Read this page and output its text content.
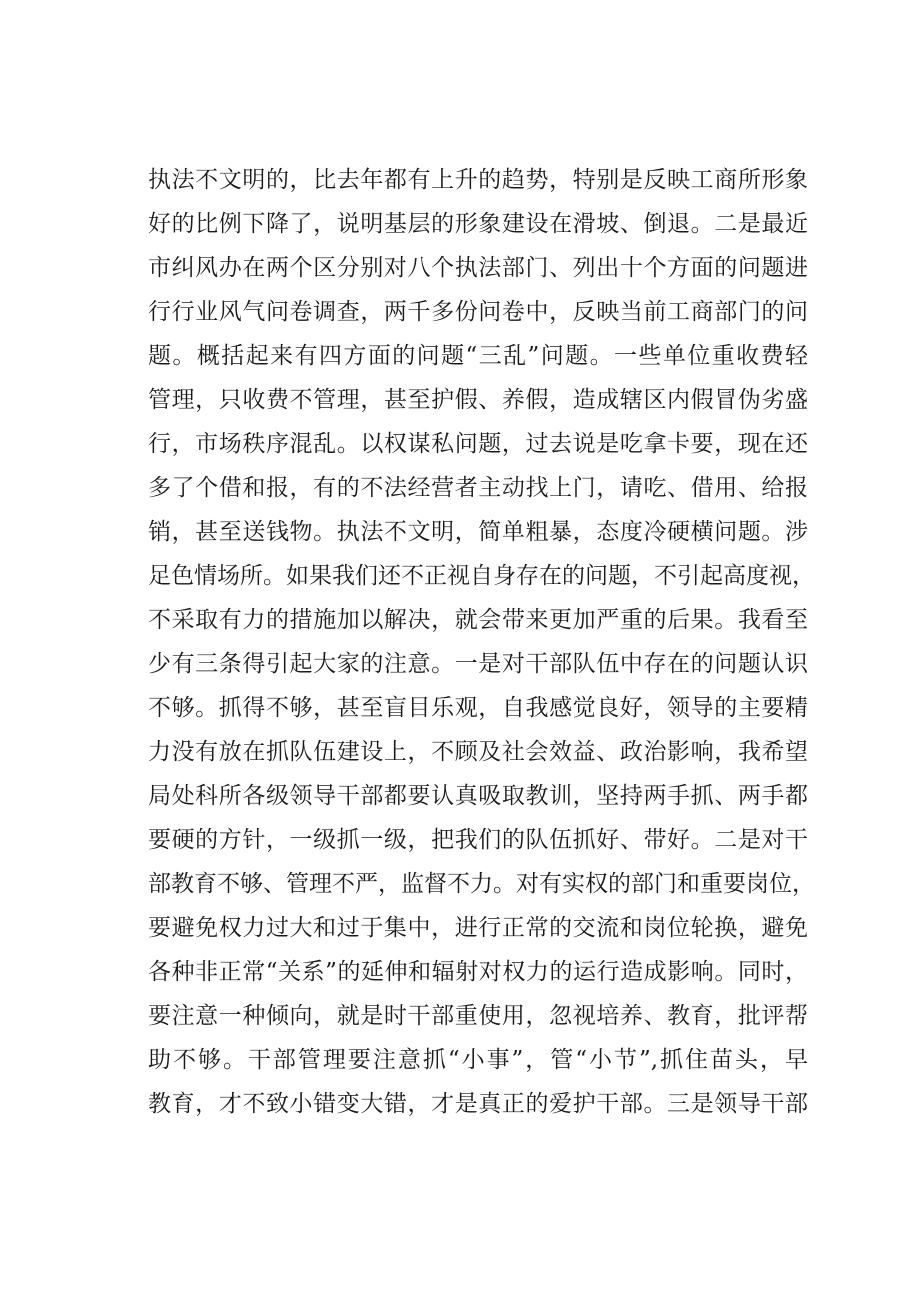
执法不文明的，比去年都有上升的趋势，特别是反映工商所形象
好的比例下降了，说明基层的形象建设在滑坡、倒退。二是最近
市纠风办在两个区分别对八个执法部门、列出十个方面的问题进
行行业风气问卷调查，两千多份问卷中，反映当前工商部门的问
题。概括起来有四方面的问题“三乱”问题。一些单位重收费轻
管理，只收费不管理，甚至护假、养假，造成辖区内假冒伪劣盛
行，市场秩序混乱。以权谋私问题，过去说是吃拿卡要，现在还
多了个借和报，有的不法经营者主动找上门，请吃、借用、给报
销，甚至送钱物。执法不文明，简单粗暴，态度冷硬横问题。涉
足色情场所。如果我们还不正视自身存在的问题，不引起高度视，
不采取有力的措施加以解决，就会带来更加严重的后果。我看至
少有三条得引起大家的注意。一是对干部队伍中存在的问题认识
不够。抓得不够，甚至盲目乐观，自我感觉良好，领导的主要精
力没有放在抓队伍建设上，不顾及社会效益、政治影响，我希望
局处科所各级领导干部都要认真吸取教训，坚持两手抓、两手都
要硬的方针，一级抓一级，把我们的队伍抓好、带好。二是对干
部教育不够、管理不严，监督不力。对有实权的部门和重要岗位，
要避免权力过大和过于集中，进行正常的交流和岗位轮换，避免
各种非正常“关系”的延伸和辐射对权力的运行造成影响。同时，
要注意一种倾向，就是时干部重使用，忽视培养、教育，批评帮
助不够。干部管理要注意抓“小事”，管“小节”,抓住苗头，早
教育，才不致小错变大错，才是真正的爱护干部。三是领导干部
